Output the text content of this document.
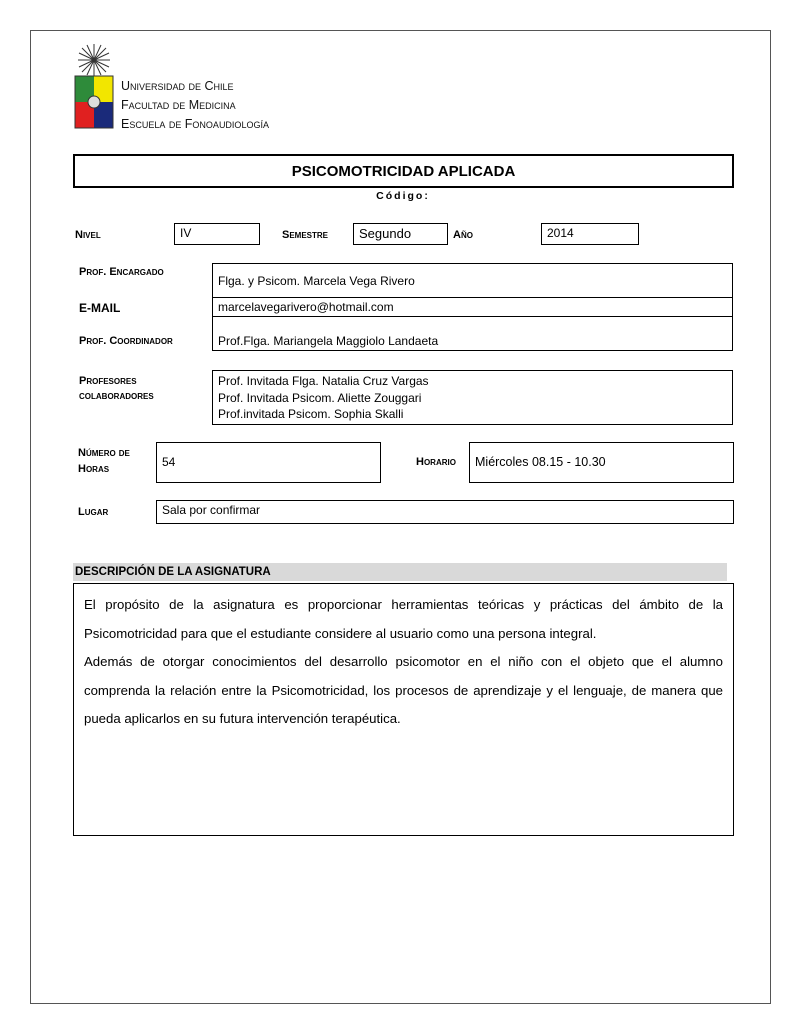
Universidad de Chile
Facultad de Medicina
Escuela de Fonoaudiología
PSICOMOTRICIDAD APLICADA
Código:
Nivel	IV	Semestre	Segundo	Año	2014
Prof. Encargado
Flga. y Psicom. Marcela Vega Rivero
E-MAIL	marcelavegarivero@hotmail.com
Prof. Coordinador	Prof.Flga. Mariangela Maggiolo Landaeta
Profesores
colaboradores
Prof. Invitada Flga. Natalia Cruz Vargas
Prof. Invitada Psicom. Aliette Zouggari
Prof.invitada Psicom. Sophia Skalli
Número de
Horas	54	Horario	Miércoles 08.15 - 10.30
Lugar	Sala por confirmar
DESCRIPCIÓN DE LA ASIGNATURA

El propósito de la asignatura es proporcionar herramientas teóricas y prácticas del ámbito de la Psicomotricidad para que el estudiante considere al usuario como una persona integral.

Además de otorgar conocimientos del desarrollo psicomotor en el niño con el objeto que el alumno comprenda la relación entre la Psicomotricidad, los procesos de aprendizaje y el lenguaje, de manera que pueda aplicarlos en su futura intervención terapéutica.
